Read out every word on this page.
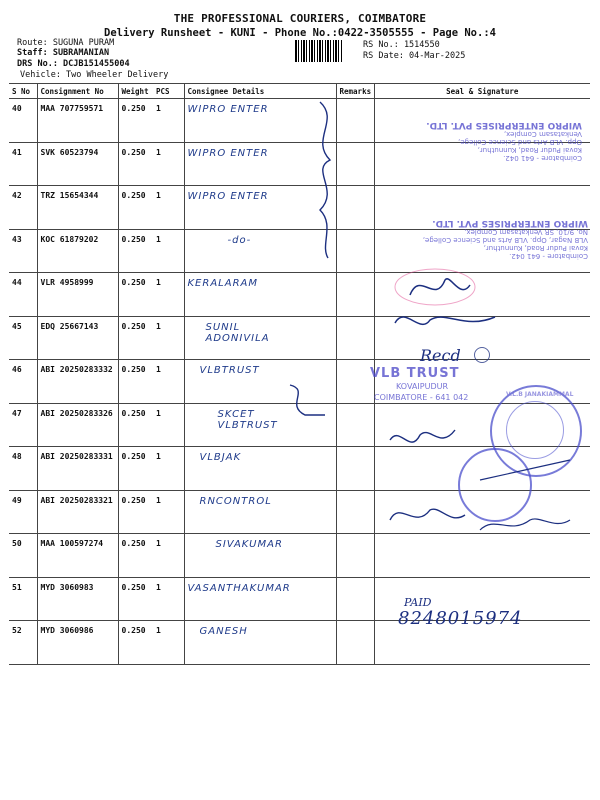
THE PROFESSIONAL COURIERS, COIMBATORE
Delivery Runsheet - KUNI - Phone No.:0422-3505555 - Page No.:4
Route: SUGUNA PURAM
Staff: SUBRAMANIAN
DRS No.: DCJB151455004
Vehicle: Two Wheeler Delivery
RS No.: 1514550
RS Date: 04-Mar-2025
S No	Consignment No	Weight	PCS	Consignee Details	Remarks	Seal & Signature
40	MAA 707759571	0.250	1	WIPRO ENTER		
41	SVK 60523794	0.250	1	WIPRO ENTER		
42	TRZ 15654344	0.250	1	WIPRO ENTER		
43	KOC 61879202	0.250	1	-do-		
44	VLR 4958999	0.250	1	KERALARAM		
45	EDQ 25667143	0.250	1	SUNIL ADONIVILA		
46	ABI 20250283332	0.250	1	VLBTRUST		
47	ABI 20250283326	0.250	1	SKCET VLBTRUST		
48	ABI 20250283331	0.250	1	VLBJAK		
49	ABI 20250283321	0.250	1	RNCONTROL		
50	MAA 100597274	0.250	1	SIVAKUMAR		
51	MYD 3060983	0.250	1	VASANTHAKUMAR		
52	MYD 3060986	0.250	1	GANESH		
Coimbatore - 641 042.
Kovai Pudur Road, Kunnuthur,
Opp. VLB Arts and Science College,
Venkatasam Complex,
WIPRO ENTERPRISES PVT. LTD.
Coimbatore - 641 042.
Kovai Pudur Road, Kunnuthur,
VLB Nagar, Opp. VLB Arts and Science College,
No. 9/10, SR Venkatasam Complex,
WIPRO ENTERPRISES PVT. LTD.
Recd
VLB TRUST
KOVAIPUDUR
COIMBATORE - 641 042	V.L.B JANAKIAMMAL
PAID
8248015974
